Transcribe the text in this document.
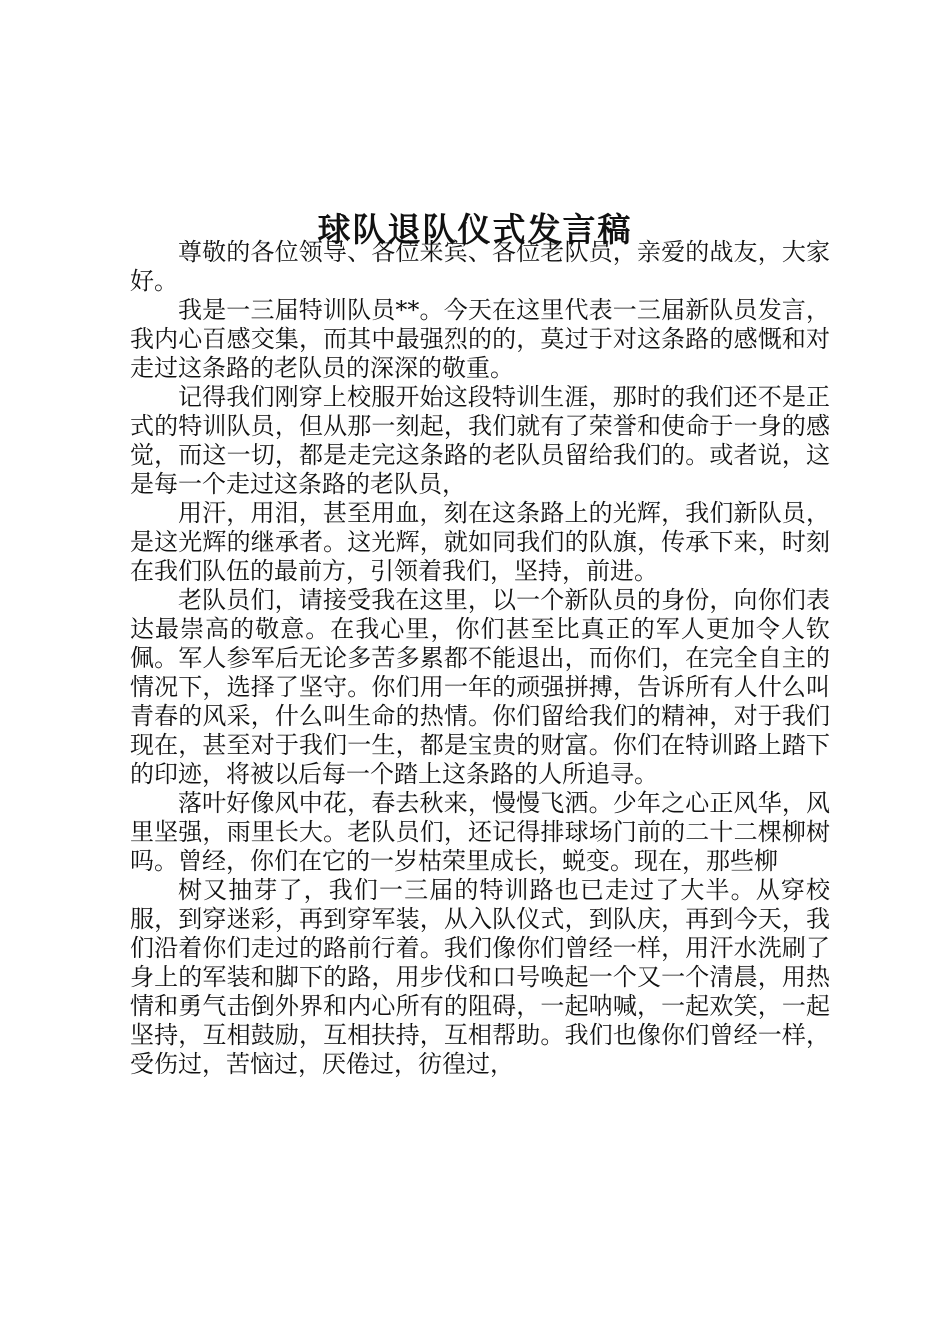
球队退队仪式发言稿

尊敬的各位领导、各位来宾、各位老队员，亲爱的战友，大家好。

我是一三届特训队员**。今天在这里代表一三届新队员发言，我内心百感交集，而其中最强烈的的，莫过于对这条路的感慨和对走过这条路的老队员的深深的敬重。

记得我们刚穿上校服开始这段特训生涯，那时的我们还不是正式的特训队员，但从那一刻起，我们就有了荣誉和使命于一身的感觉，而这一切，都是走完这条路的老队员留给我们的。或者说，这是每一个走过这条路的老队员，

用汗，用泪，甚至用血，刻在这条路上的光辉，我们新队员，是这光辉的继承者。这光辉，就如同我们的队旗，传承下来，时刻在我们队伍的最前方，引领着我们，坚持，前进。

老队员们，请接受我在这里，以一个新队员的身份，向你们表达最崇高的敬意。在我心里，你们甚至比真正的军人更加令人钦佩。军人参军后无论多苦多累都不能退出，而你们，在完全自主的情况下，选择了坚守。你们用一年的顽强拼搏，告诉所有人什么叫青春的风采，什么叫生命的热情。你们留给我们的精神，对于我们现在，甚至对于我们一生，都是宝贵的财富。你们在特训路上踏下的印迹，将被以后每一个踏上这条路的人所追寻。

落叶好像风中花，春去秋来，慢慢飞洒。少年之心正风华，风里坚强，雨里长大。老队员们，还记得排球场门前的二十二棵柳树吗。曾经，你们在它的一岁枯荣里成长，蜕变。现在，那些柳

树又抽芽了，我们一三届的特训路也已走过了大半。从穿校服，到穿迷彩，再到穿军装，从入队仪式，到队庆，再到今天，我们沿着你们走过的路前行着。我们像你们曾经一样，用汗水洗刷了身上的军装和脚下的路，用步伐和口号唤起一个又一个清晨，用热情和勇气击倒外界和内心所有的阻碍，一起呐喊，一起欢笑，一起坚持，互相鼓励，互相扶持，互相帮助。我们也像你们曾经一样，受伤过，苦恼过，厌倦过，彷徨过，
